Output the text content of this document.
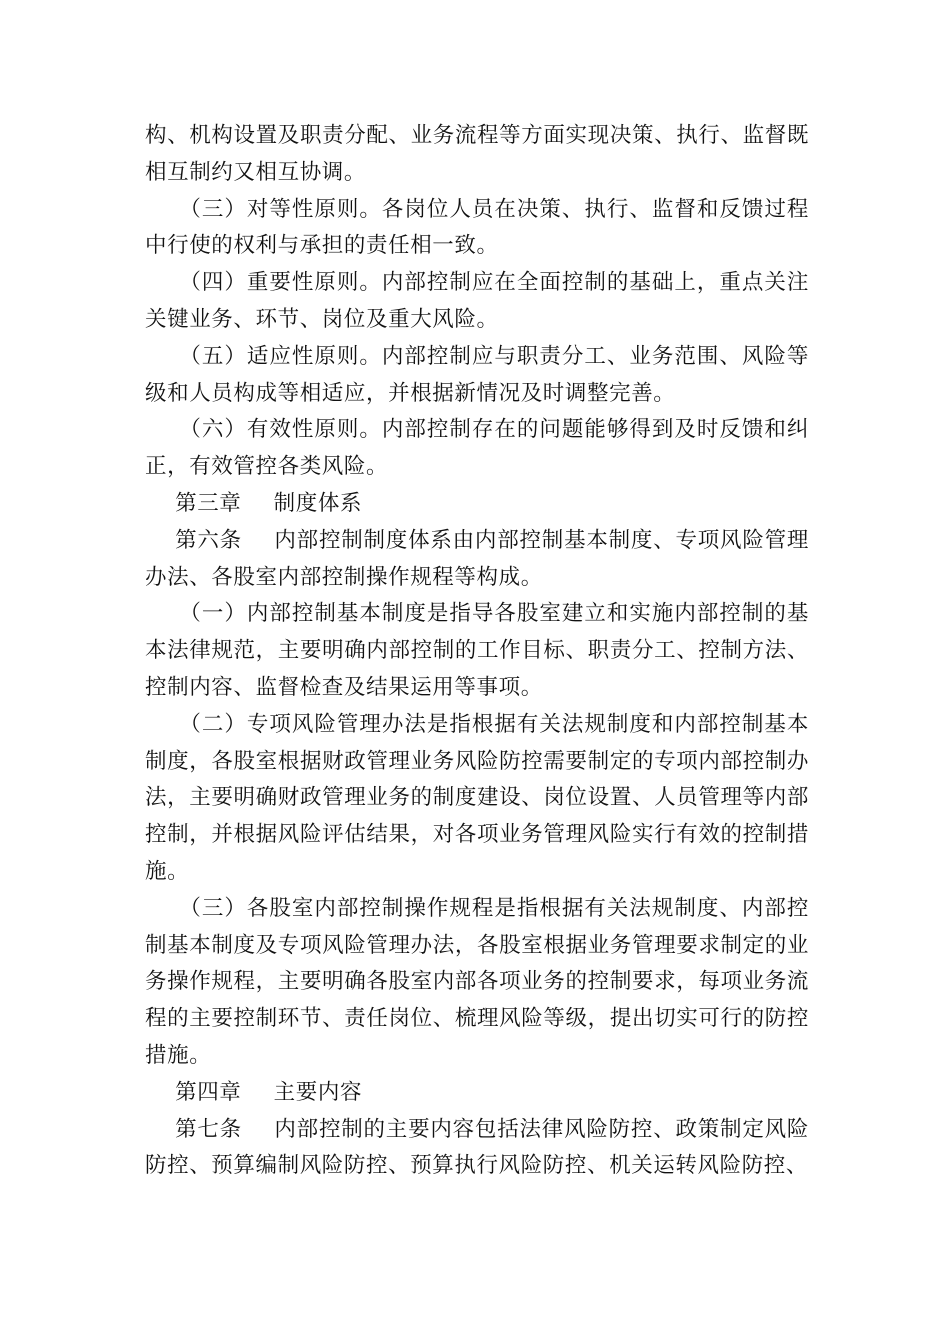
构、机构设置及职责分配、业务流程等方面实现决策、执行、监督既相互制约又相互协调。

（三）对等性原则。各岗位人员在决策、执行、监督和反馈过程中行使的权利与承担的责任相一致。

（四）重要性原则。内部控制应在全面控制的基础上，重点关注关键业务、环节、岗位及重大风险。

（五）适应性原则。内部控制应与职责分工、业务范围、风险等级和人员构成等相适应，并根据新情况及时调整完善。

（六）有效性原则。内部控制存在的问题能够得到及时反馈和纠正，有效管控各类风险。

第三章 制度体系

第六条 内部控制制度体系由内部控制基本制度、专项风险管理办法、各股室内部控制操作规程等构成。

（一）内部控制基本制度是指导各股室建立和实施内部控制的基本法律规范，主要明确内部控制的工作目标、职责分工、控制方法、控制内容、监督检查及结果运用等事项。

（二）专项风险管理办法是指根据有关法规制度和内部控制基本制度，各股室根据财政管理业务风险防控需要制定的专项内部控制办法，主要明确财政管理业务的制度建设、岗位设置、人员管理等内部控制，并根据风险评估结果，对各项业务管理风险实行有效的控制措施。

（三）各股室内部控制操作规程是指根据有关法规制度、内部控制基本制度及专项风险管理办法，各股室根据业务管理要求制定的业务操作规程，主要明确各股室内部各项业务的控制要求，每项业务流程的主要控制环节、责任岗位、梳理风险等级，提出切实可行的防控措施。

第四章 主要内容

第七条 内部控制的主要内容包括法律风险防控、政策制定风险防控、预算编制风险防控、预算执行风险防控、机关运转风险防控、
